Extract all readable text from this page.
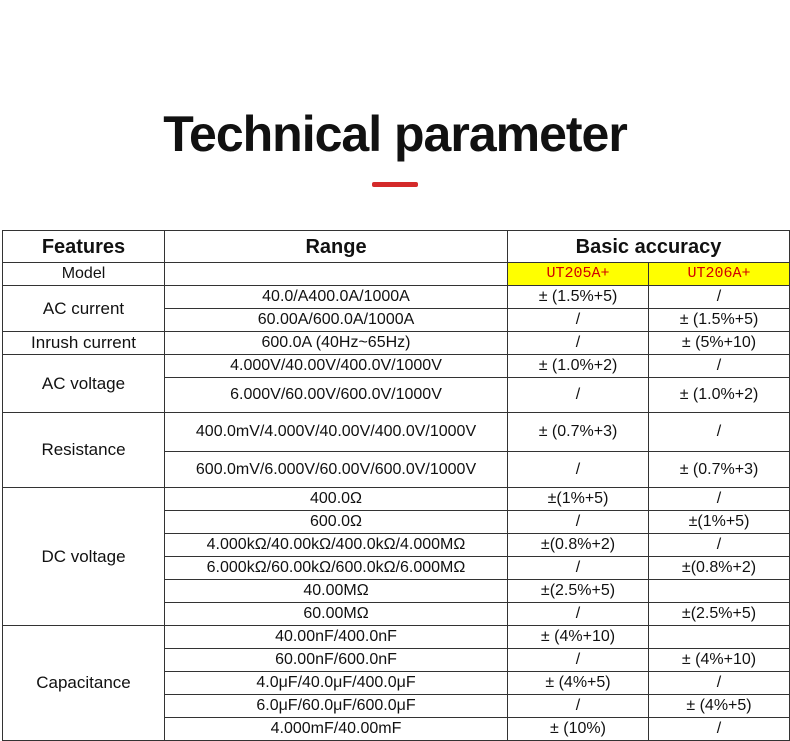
Technical parameter
Features	Range	Basic accuracy	
Model		UT205A+	UT206A+
AC current	40.0/A400.0A/1000A	± (1.5%+5)	/
	60.00A/600.0A/1000A	/	± (1.5%+5)
Inrush current	600.0A (40Hz~65Hz)	/	± (5%+10)
AC voltage	4.000V/40.00V/400.0V/1000V	± (1.0%+2)	/
	6.000V/60.00V/600.0V/1000V	/	± (1.0%+2)
Resistance	400.0mV/4.000V/40.00V/400.0V/1000V	± (0.7%+3)	/
	600.0mV/6.000V/60.00V/600.0V/1000V	/	± (0.7%+3)
DC voltage	400.0Ω	±(1%+5)	/
	600.0Ω	/	±(1%+5)
	4.000kΩ/40.00kΩ/400.0kΩ/4.000MΩ	±(0.8%+2)	/
	6.000kΩ/60.00kΩ/600.0kΩ/6.000MΩ	/	±(0.8%+2)
	40.00MΩ	±(2.5%+5)	
	60.00MΩ	/	±(2.5%+5)
Capacitance	40.00nF/400.0nF	± (4%+10)	
	60.00nF/600.0nF	/	± (4%+10)
	4.0μF/40.0μF/400.0μF	± (4%+5)	/
	6.0μF/60.0μF/600.0μF	/	± (4%+5)
	4.000mF/40.00mF	± (10%)	/
